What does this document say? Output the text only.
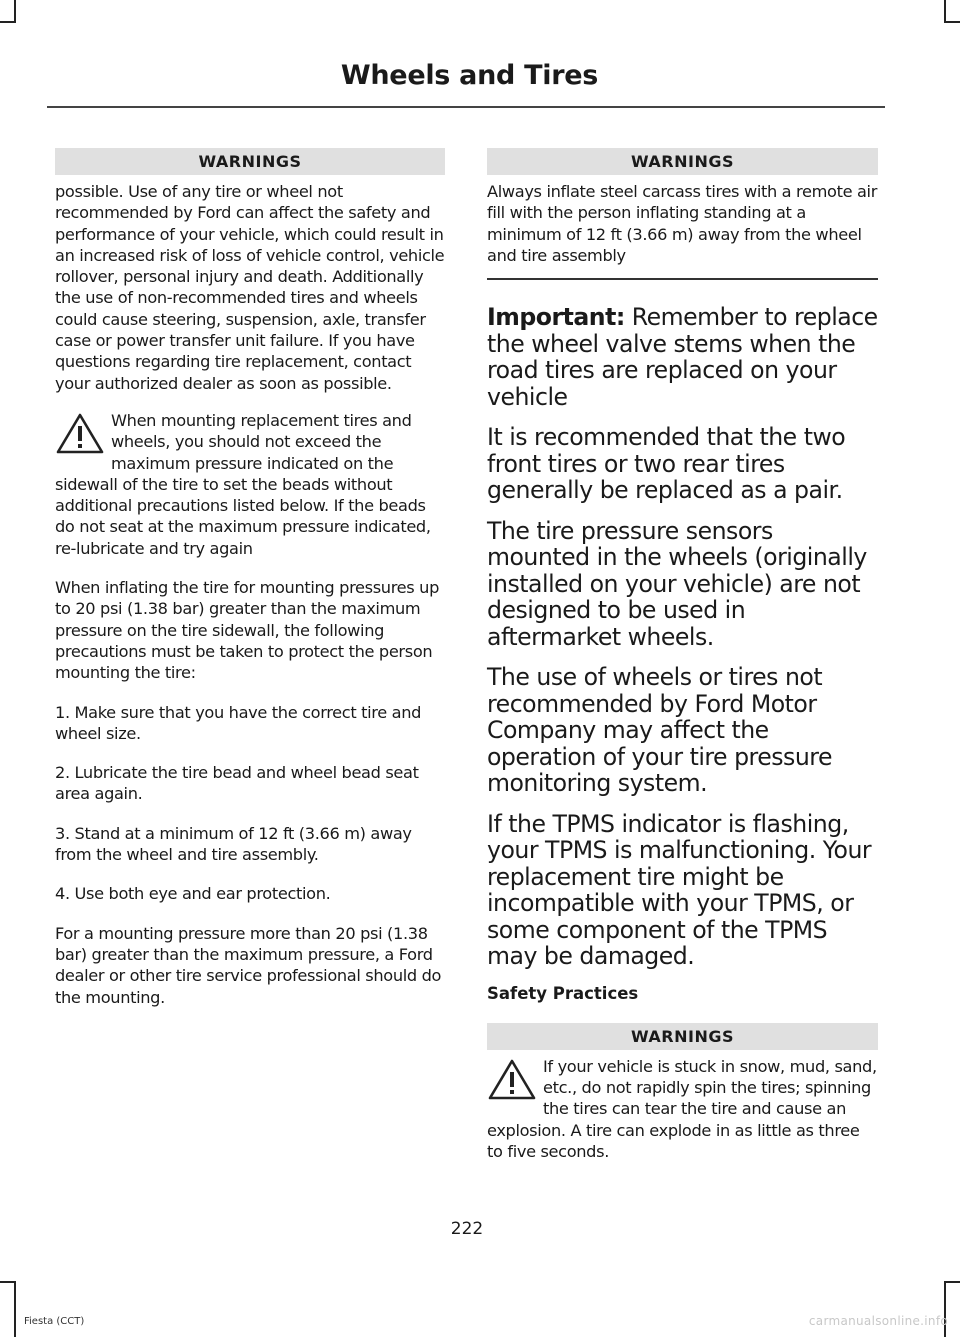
Wheels and Tires
WARNINGS

possible. Use of any tire or wheel not recommended by Ford can affect the safety and performance of your vehicle, which could result in an increased risk of loss of vehicle control, vehicle rollover, personal injury and death. Additionally the use of non-recommended tires and wheels could cause steering, suspension, axle, transfer case or power transfer unit failure. If you have questions regarding tire replacement, contact your authorized dealer as soon as possible.

When mounting replacement tires and wheels, you should not exceed the maximum pressure indicated on the sidewall of the tire to set the beads without additional precautions listed below. If the beads do not seat at the maximum pressure indicated, re-lubricate and try again

When inflating the tire for mounting pressures up to 20 psi (1.38 bar) greater than the maximum pressure on the tire sidewall, the following precautions must be taken to protect the person mounting the tire:

1. Make sure that you have the correct tire and wheel size.

2. Lubricate the tire bead and wheel bead seat area again.

3. Stand at a minimum of 12 ft (3.66 m) away from the wheel and tire assembly.

4. Use both eye and ear protection.

For a mounting pressure more than 20 psi (1.38 bar) greater than the maximum pressure, a Ford dealer or other tire service professional should do the mounting.

WARNINGS

Always inflate steel carcass tires with a remote air fill with the person inflating standing at a minimum of 12 ft (3.66 m) away from the wheel and tire assembly

Important: Remember to replace the wheel valve stems when the road tires are replaced on your vehicle

It is recommended that the two front tires or two rear tires generally be replaced as a pair.

The tire pressure sensors mounted in the wheels (originally installed on your vehicle) are not designed to be used in aftermarket wheels.

The use of wheels or tires not recommended by Ford Motor Company may affect the operation of your tire pressure monitoring system.

If the TPMS indicator is flashing, your TPMS is malfunctioning. Your replacement tire might be incompatible with your TPMS, or some component of the TPMS may be damaged.

Safety Practices
WARNINGS

If your vehicle is stuck in snow, mud, sand, etc., do not rapidly spin the tires; spinning the tires can tear the tire and cause an explosion. A tire can explode in as little as three to five seconds.

222
Fiesta (CCT)	carmanualsonline.info
